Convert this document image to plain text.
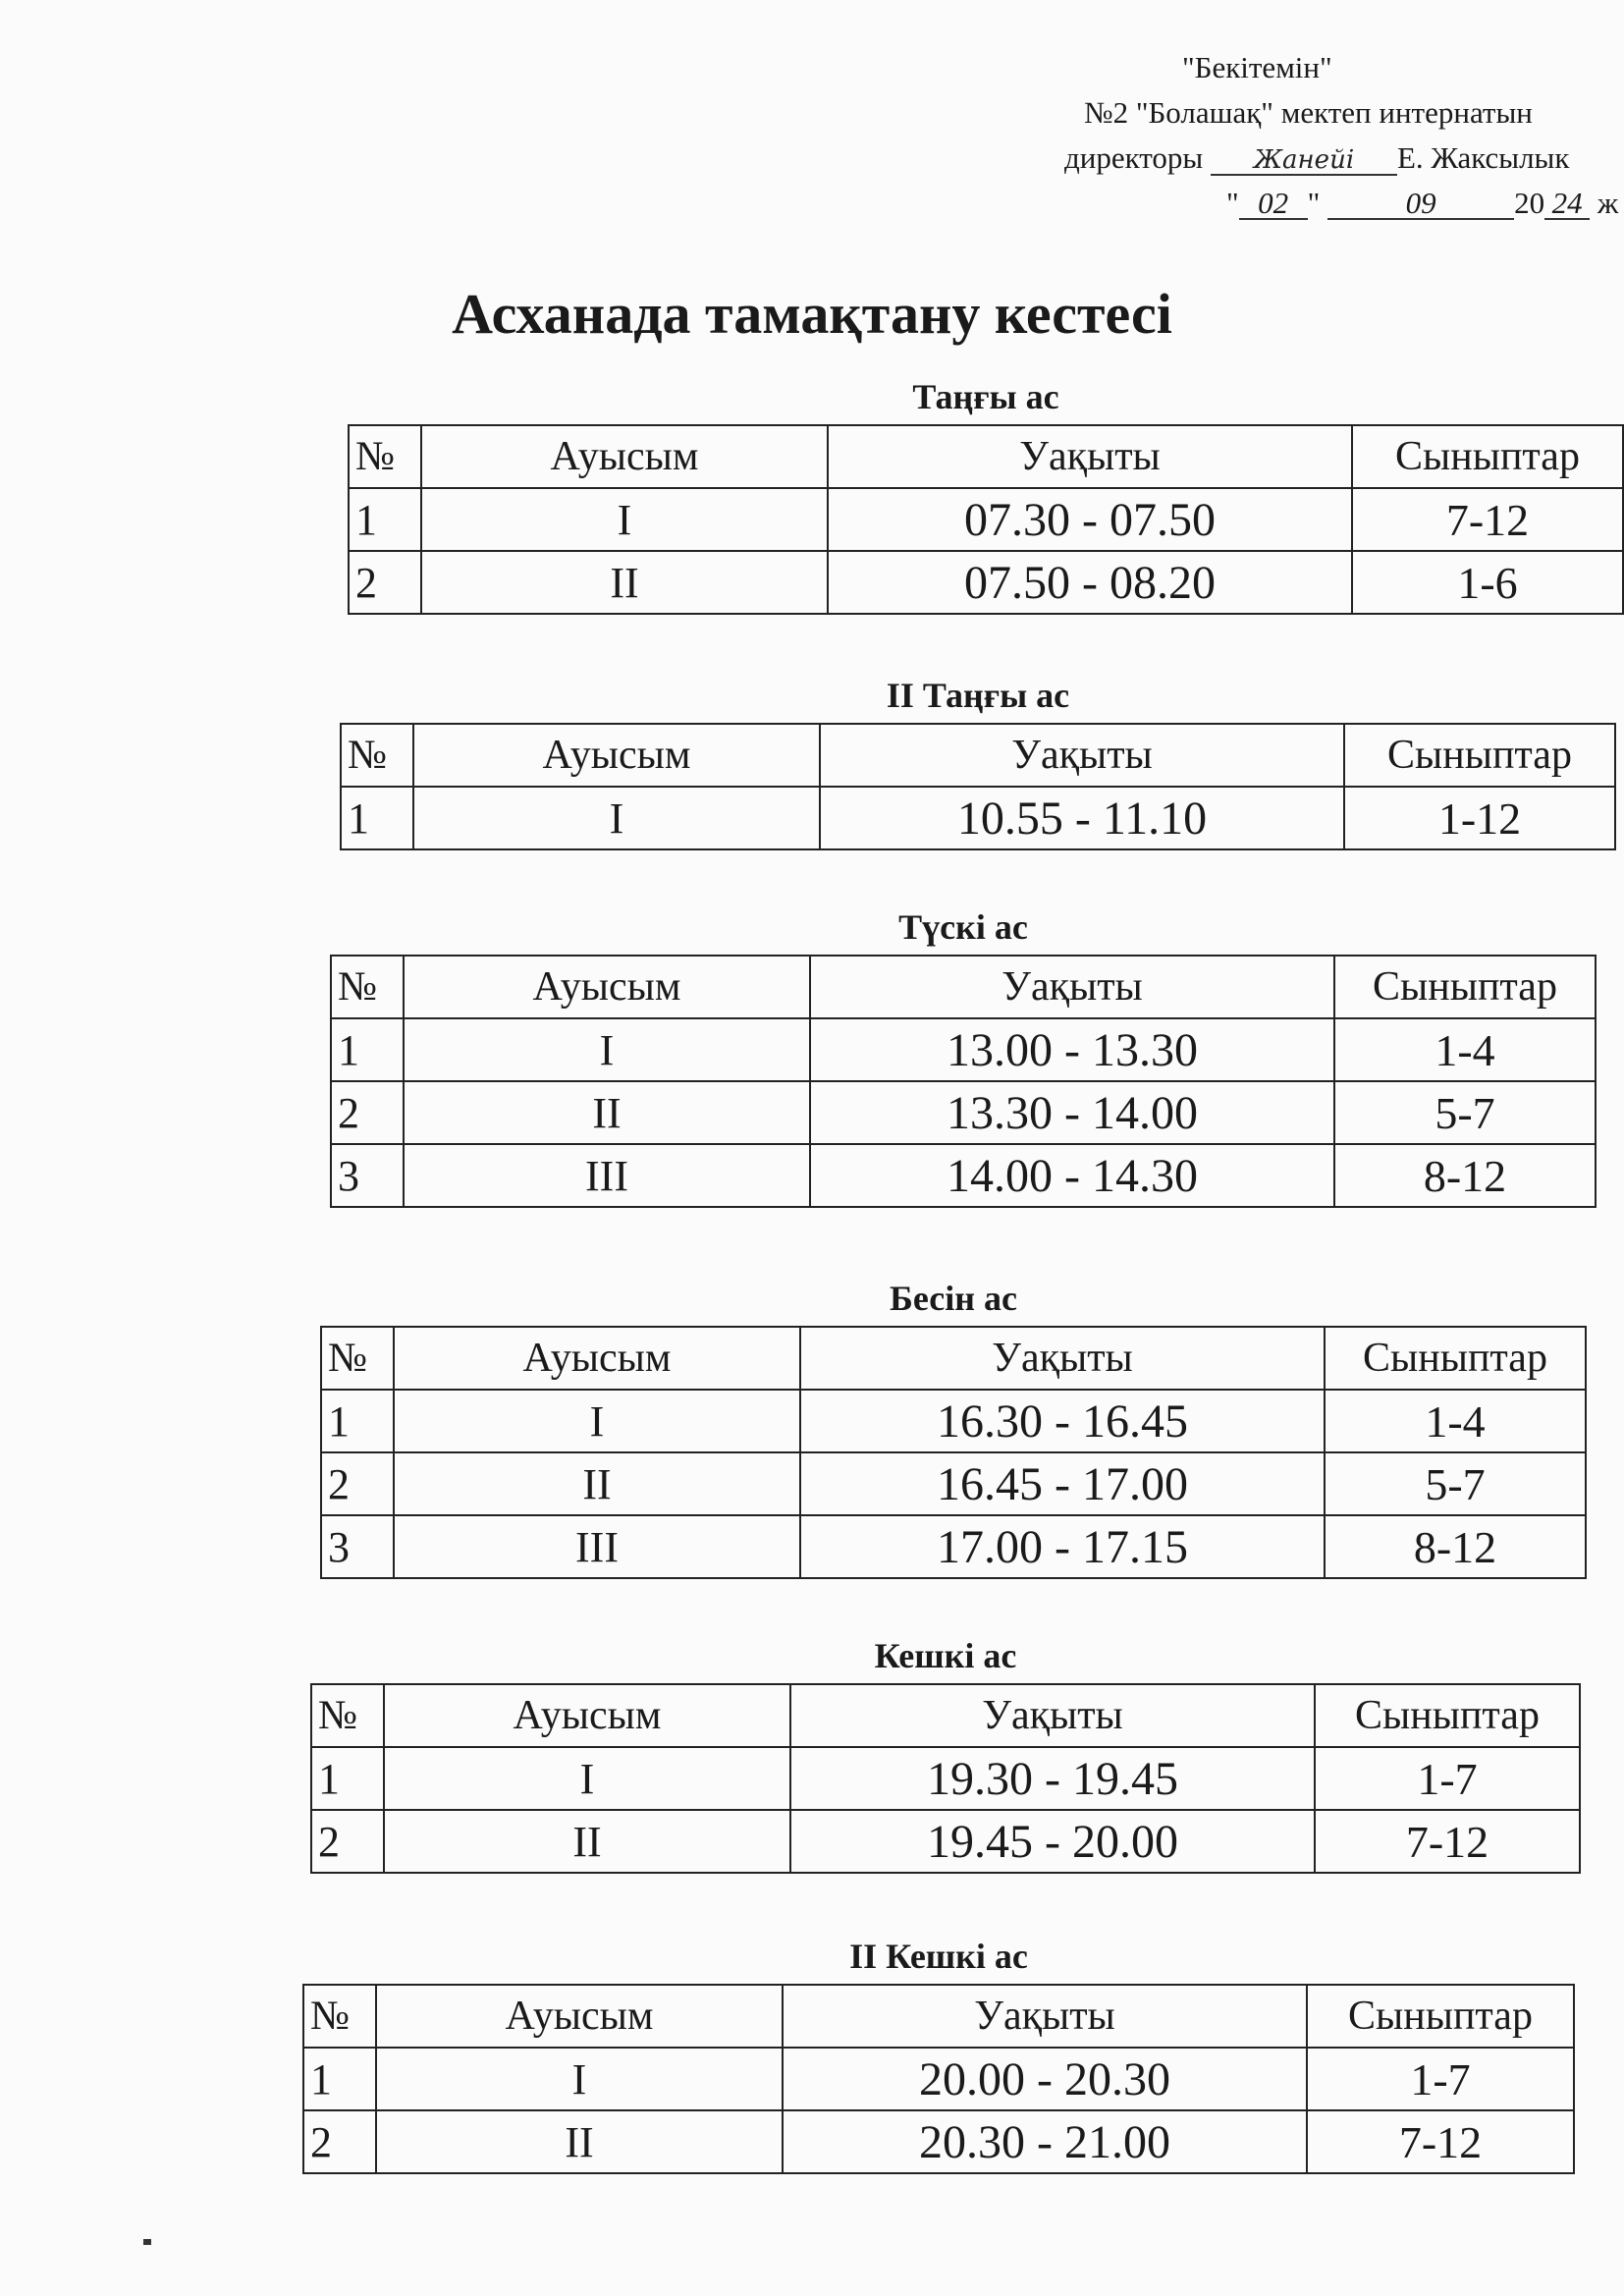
"Бекітемін"
№2 "Болашақ" мектеп интернатын
директоры Жанейі Е. Жаксылык
" 02 "	09	20 24 ж
Асханада тамақтану кестесі
Таңғы ас
№	Ауысым	Уақыты	Сыныптар
1	I	07.30 - 07.50	7-12
2	II	07.50 - 08.20	1-6
II Таңғы ас
№	Ауысым	Уақыты	Сыныптар
1	I	10.55 - 11.10	1-12
Түскі ас
№	Ауысым	Уақыты	Сыныптар
1	I	13.00 - 13.30	1-4
2	II	13.30 - 14.00	5-7
3	III	14.00 - 14.30	8-12
Бесін ас
№	Ауысым	Уақыты	Сыныптар
1	I	16.30 - 16.45	1-4
2	II	16.45 - 17.00	5-7
3	III	17.00 - 17.15	8-12
Кешкі ас
№	Ауысым	Уақыты	Сыныптар
1	I	19.30 - 19.45	1-7
2	II	19.45 - 20.00	7-12
II Кешкі ас
№	Ауысым	Уақыты	Сыныптар
1	I	20.00 - 20.30	1-7
2	II	20.30 - 21.00	7-12
